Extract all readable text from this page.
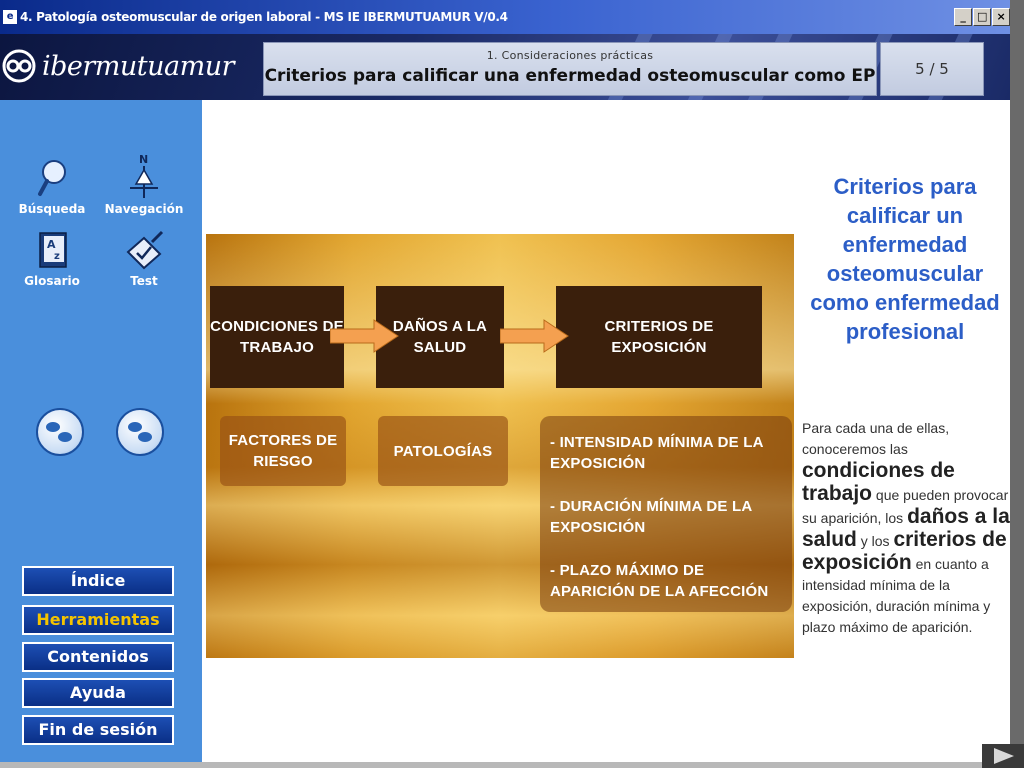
e 4. Patología osteomuscular de origen laboral - MS IE IBERMUTUAMUR V/0.4	_	□ ×
ibermutuamur	1. Consideraciones prácticas
Criterios para calificar una enfermedad osteomuscular como EP	5 / 5
Búsqueda
N
Navegación
A
z
Glosario	Test
Índice
Herramientas
Contenidos
Ayuda
Fin de sesión
CONDICIONES DE TRABAJO
DAÑOS A LA SALUD
CRITERIOS DE EXPOSICIÓN
FACTORES DE RIESGO
PATOLOGÍAS	- INTENSIDAD MÍNIMA DE LA EXPOSICIÓN
- DURACIÓN MÍNIMA DE LA EXPOSICIÓN
- PLAZO MÁXIMO DE APARICIÓN DE LA AFECCIÓN
Criterios para calificar un enfermedad osteomuscular como enfermedad profesional
Para cada una de ellas, conoceremos las condiciones de trabajo que pueden provocar su aparición, los daños a la salud y los criterios de exposición en cuanto a intensidad mínima de la exposición, duración mínima y plazo máximo de aparición.
